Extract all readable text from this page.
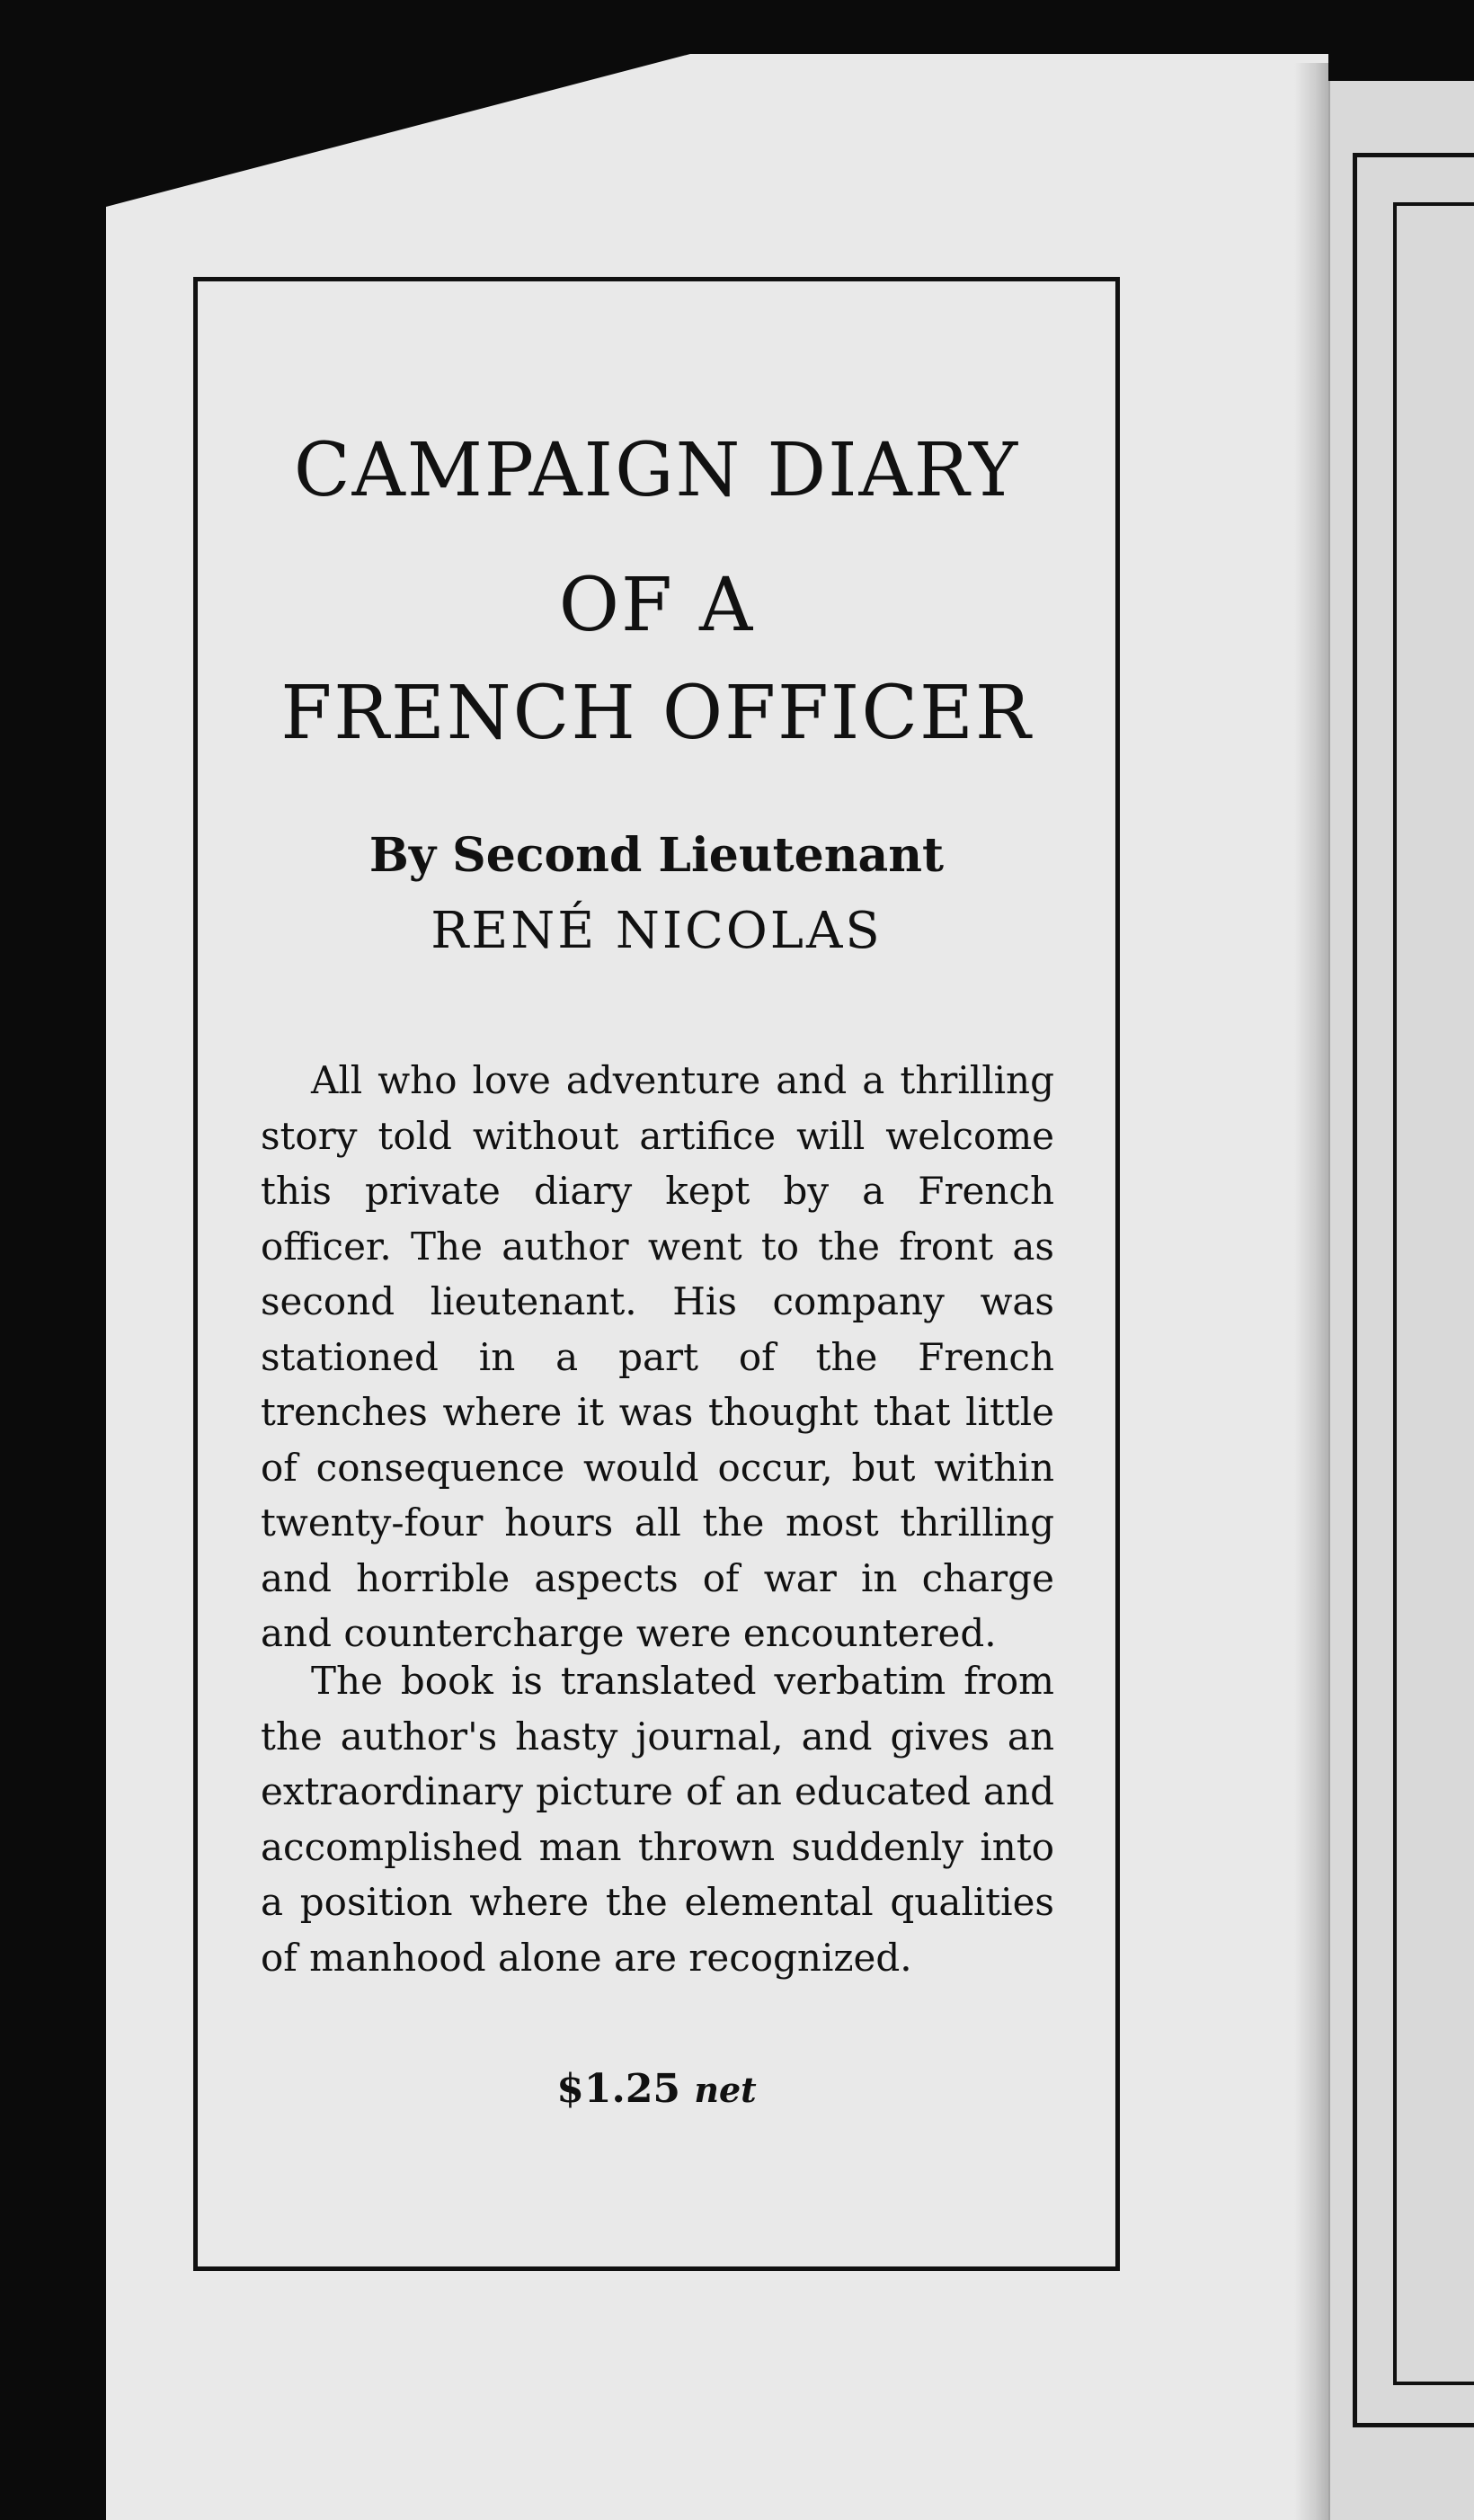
CAMPAIGN DIARY
OF A
FRENCH OFFICER

By Second Lieutenant

RENÉ NICOLAS

All who love adventure and a thrilling story told without artifice will welcome this private diary kept by a French officer. The author went to the front as second lieutenant. His company was stationed in a part of the French trenches where it was thought that little of consequence would occur, but within twenty-four hours all the most thrilling and horrible aspects of war in charge and countercharge were encountered.

The book is translated verbatim from the author's hasty journal, and gives an extraordinary picture of an educated and accomplished man thrown suddenly into a position where the elemental qualities of manhood alone are recognized.

$1.25 net
